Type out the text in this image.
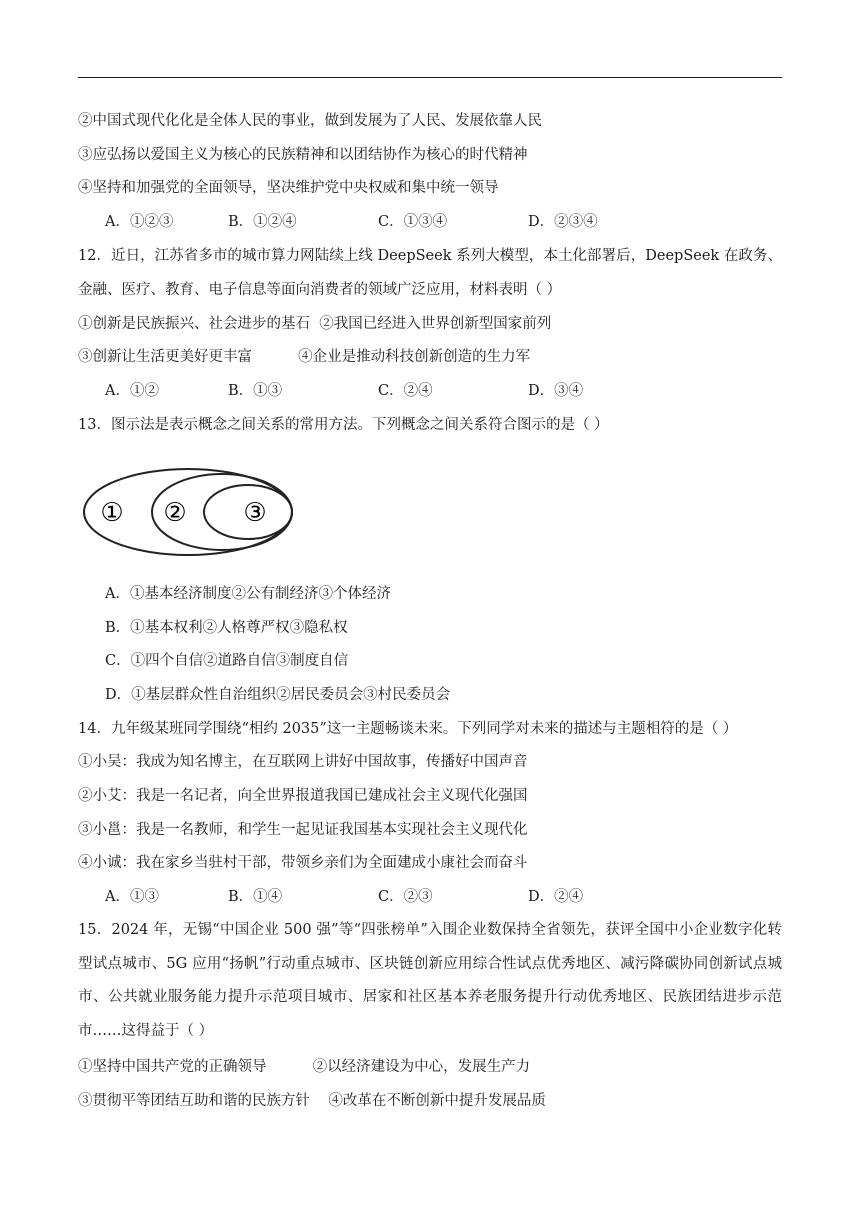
②中国式现代化化是全体人民的事业，做到发展为了人民、发展依靠人民
③应弘扬以爱国主义为核心的民族精神和以团结协作为核心的时代精神
④坚持和加强党的全面领导，坚决维护党中央权威和集中统一领导
A．①②③	B．①②④	C．①③④	D．②③④
12．近日，江苏省多市的城市算力网陆续上线 DeepSeek 系列大模型，本土化部署后，DeepSeek 在政务、金融、医疗、教育、电子信息等面向消费者的领域广泛应用，材料表明（ ）
①创新是民族振兴、社会进步的基石  ②我国已经进入世界创新型国家前列
③创新让生活更美好更丰富          ④企业是推动科技创新创造的生力军
A．①②	B．①③	C．②④	D．③④
13．图示法是表示概念之间关系的常用方法。下列概念之间关系符合图示的是（ ）
① ② ③
A．①基本经济制度②公有制经济③个体经济
B．①基本权利②人格尊严权③隐私权
C．①四个自信②道路自信③制度自信
D．①基层群众性自治组织②居民委员会③村民委员会
14．九年级某班同学围绕“相约 2035”这一主题畅谈未来。下列同学对未来的描述与主题相符的是（ ）
①小吴：我成为知名博主，在互联网上讲好中国故事，传播好中国声音
②小艾：我是一名记者，向全世界报道我国已建成社会主义现代化强国
③小邕：我是一名教师，和学生一起见证我国基本实现社会主义现代化
④小诚：我在家乡当驻村干部，带领乡亲们为全面建成小康社会而奋斗
A．①③	B．①④	C．②③	D．②④
15．2024 年，无锡“中国企业 500 强”等“四张榜单”入围企业数保持全省领先，获评全国中小企业数字化转型试点城市、5G 应用“扬帆”行动重点城市、区块链创新应用综合性试点优秀地区、减污降碳协同创新试点城市、公共就业服务能力提升示范项目城市、居家和社区基本养老服务提升行动优秀地区、民族团结进步示范市……这得益于（ ）
①坚持中国共产党的正确领导          ②以经济建设为中心，发展生产力
③贯彻平等团结互助和谐的民族方针    ④改革在不断创新中提升发展品质
